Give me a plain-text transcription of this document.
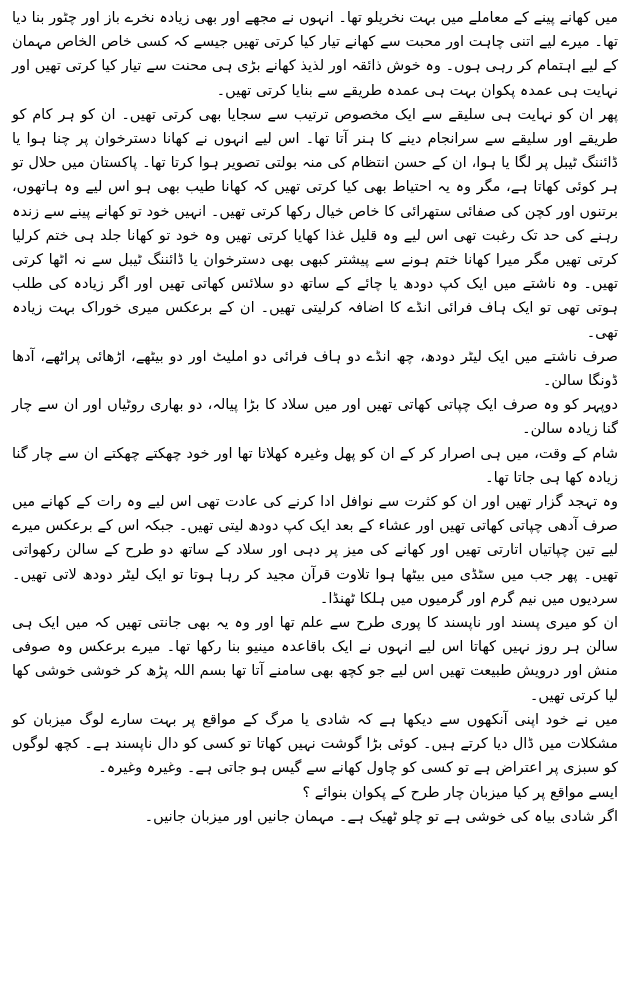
میں کھانے پینے کے معاملے میں بہت نخریلو تھا۔ انہوں نے مجھے اور بھی زیادہ نخرے باز اور چٹور بنا دیا تھا۔ میرے لیے اتنی چاہت اور محبت سے کھانے تیار کیا کرتی تھیں جیسے کہ کسی خاص الخاص مہمان کے لیے اہتمام کر رہی ہوں۔ وہ خوش ذائقہ اور لذیذ کھانے بڑی ہی محنت سے تیار کیا کرتی تھیں اور نہایت ہی عمدہ پکوان بہت ہی عمدہ طریقے سے بنایا کرتی تھیں۔

پھر ان کو نہایت ہی سلیقے سے ایک مخصوص ترتیب سے سجایا بھی کرتی تھیں۔ ان کو ہر کام کو طریقے اور سلیقے سے سرانجام دینے کا ہنر آتا تھا۔ اس لیے انہوں نے کھانا دسترخوان پر چنا ہوا یا ڈائننگ ٹیبل پر لگا یا ہوا، ان کے حسن انتظام کی منہ بولتی تصویر ہوا کرتا تھا۔ پاکستان میں حلال تو ہر کوئی کھاتا ہے، مگر وہ یہ احتیاط بھی کیا کرتی تھیں کہ کھانا طیب بھی ہو اس لیے وہ ہاتھوں، برتنوں اور کچن کی صفائی ستھرائی کا خاص خیال رکھا کرتی تھیں۔ انہیں خود تو کھانے پینے سے زندہ رہنے کی حد تک رغبت تھی اس لیے وہ قلیل غذا کھایا کرتی تھیں وہ خود تو کھانا جلد ہی ختم کرلیا کرتی تھیں مگر میرا کھانا ختم ہونے سے پیشتر کبھی بھی دسترخوان یا ڈائننگ ٹیبل سے نہ اٹھا کرتی تھیں۔ وہ ناشتے میں ایک کپ دودھ یا چائے کے ساتھ دو سلائس کھاتی تھیں اور اگر زیادہ کی طلب ہوتی تھی تو ایک ہاف فرائی انڈے کا اضافہ کرلیتی تھیں۔ ان کے برعکس میری خوراک بہت زیادہ تھی۔

صرف ناشتے میں ایک لیٹر دودھ، چھ انڈے دو ہاف فرائی دو املیٹ اور دو بیٹھے، اڑھائی پراٹھے، آدھا ڈونگا سالن۔

دوپہر کو وہ صرف ایک چپاتی کھاتی تھیں اور میں سلاد کا بڑا پیالہ، دو بھاری روٹیاں اور ان سے چار گنا زیادہ سالن۔

شام کے وقت، میں ہی اصرار کر کے ان کو پھل وغیرہ کھلاتا تھا اور خود چھکتے چھکتے ان سے چار گنا زیادہ کھا ہی جاتا تھا۔

وہ تہجد گزار تھیں اور ان کو کثرت سے نوافل ادا کرنے کی عادت تھی اس لیے وہ رات کے کھانے میں صرف آدھی چپاتی کھاتی تھیں اور عشاء کے بعد ایک کپ دودھ لیتی تھیں۔ جبکہ اس کے برعکس میرے لیے تین چپاتیاں اتارتی تھیں اور کھانے کی میز پر دہی اور سلاد کے ساتھ دو طرح کے سالن رکھواتی تھیں۔ پھر جب میں سٹڈی میں بیٹھا ہوا تلاوت قرآن مجید کر رہا ہوتا تو ایک لیٹر دودھ لاتی تھیں۔ سردیوں میں نیم گرم اور گرمیوں میں ہلکا ٹھنڈا۔

ان کو میری پسند اور ناپسند کا پوری طرح سے علم تھا اور وہ یہ بھی جانتی تھیں کہ میں ایک ہی سالن ہر روز نہیں کھاتا اس لیے انہوں نے ایک باقاعدہ مینیو بنا رکھا تھا۔ میرے برعکس وہ صوفی منش اور درویش طبیعت تھیں اس لیے جو کچھ بھی سامنے آتا تھا بسم اللہ پڑھ کر خوشی خوشی کھا لیا کرتی تھیں۔

میں نے خود اپنی آنکھوں سے دیکھا ہے کہ شادی یا مرگ کے مواقع پر بہت سارے لوگ میزبان کو مشکلات میں ڈال دیا کرتے ہیں۔ کوئی بڑا گوشت نہیں کھاتا تو کسی کو دال ناپسند ہے۔ کچھ لوگوں کو سبزی پر اعتراض ہے تو کسی کو چاول کھانے سے گیس ہو جاتی ہے۔ وغیرہ وغیرہ۔

ایسے مواقع پر کیا میزبان چار طرح کے پکوان بنوائے ؟

اگر شادی بیاہ کی خوشی ہے تو چلو ٹھیک ہے۔ مہمان جانیں اور میزبان جانیں۔
